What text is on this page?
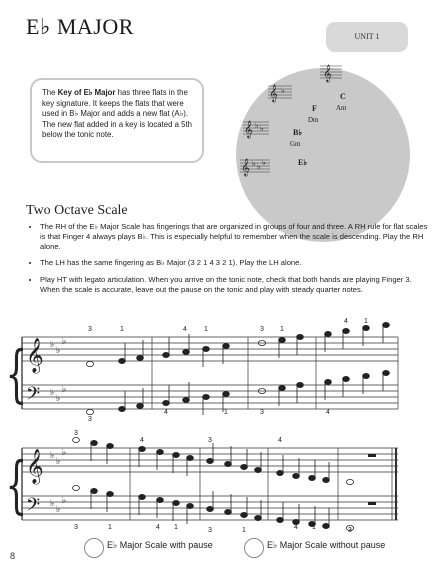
E♭ MAJOR	UNIT 1
The Key of E♭ Major has three flats in the key signature. It keeps the flats that were used in B♭ Major and adds a new flat (A♭). The new flat added in a key is located a 5th below the tonic note.
C
Am
F
Dm
B♭
Gm
E♭
𝄞
𝄞 ♭
𝄞 ♭ ♭
𝄞 ♭ ♭ ♭
Two Octave Scale
• The RH of the E♭ Major Scale has fingerings that are organized in groups of four and three. A RH rule for flat scales is that Finger 4 always plays B♭. This is especially helpful to remember when the scale is descending. Play the RH alone.
• The LH has the same fingering as B♭ Major (3 2 1 4 3 2 1). Play the LH alone.
• Play HT with legato articulation. When you arrive on the tonic note, check that both hands are playing Finger 3. When the scale is accurate, leave out the pause on the tonic and play with steady quarter notes.
{
𝄞
𝄢
♭
♭
♭
♭
♭
♭
3	1	4 1	3 1
4 1
3
4	1	3	4
{
𝄞
𝄢
♭
♭
♭
♭
♭
♭
3
4	3	4
3	1	4 1	3	1	4 1	3
8
E♭ Major Scale with pause	E♭ Major Scale without pause
